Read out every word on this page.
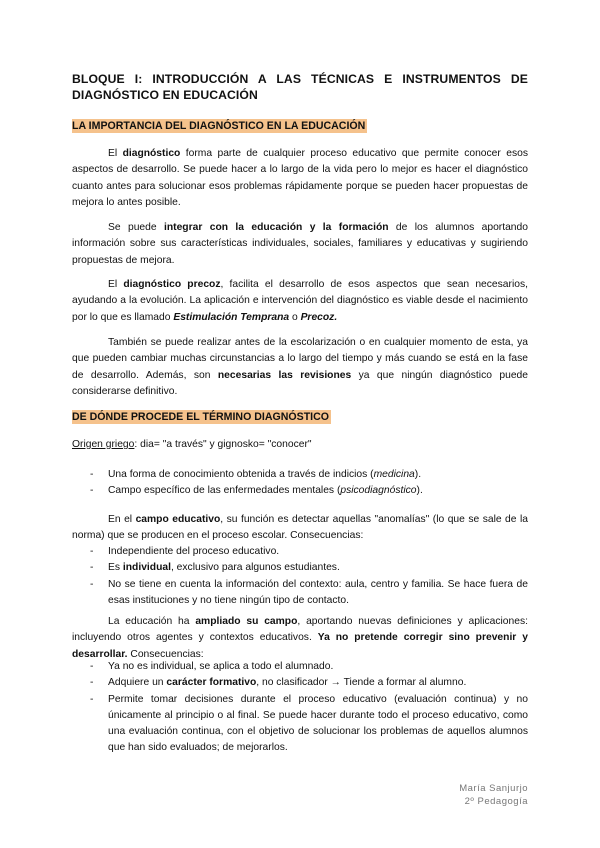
BLOQUE I: INTRODUCCIÓN A LAS TÉCNICAS E INSTRUMENTOS DE DIAGNÓSTICO EN EDUCACIÓN
LA IMPORTANCIA DEL DIAGNÓSTICO EN LA EDUCACIÓN
El diagnóstico forma parte de cualquier proceso educativo que permite conocer esos aspectos de desarrollo. Se puede hacer a lo largo de la vida pero lo mejor es hacer el diagnóstico cuanto antes para solucionar esos problemas rápidamente porque se pueden hacer propuestas de mejora lo antes posible.
Se puede integrar con la educación y la formación de los alumnos aportando información sobre sus características individuales, sociales, familiares y educativas y sugiriendo propuestas de mejora.
El diagnóstico precoz, facilita el desarrollo de esos aspectos que sean necesarios, ayudando a la evolución. La aplicación e intervención del diagnóstico es viable desde el nacimiento por lo que es llamado Estimulación Temprana o Precoz.
También se puede realizar antes de la escolarización o en cualquier momento de esta, ya que pueden cambiar muchas circunstancias a lo largo del tiempo y más cuando se está en la fase de desarrollo. Además, son necesarias las revisiones ya que ningún diagnóstico puede considerarse definitivo.
DE DÓNDE PROCEDE EL TÉRMINO DIAGNÓSTICO
Origen griego: dia= "a través" y gignosko= "conocer"
- Una forma de conocimiento obtenida a través de indicios (medicina).
- Campo específico de las enfermedades mentales (psicodiagnóstico).
En el campo educativo, su función es detectar aquellas "anomalías" (lo que se sale de la norma) que se producen en el proceso escolar. Consecuencias:
- Independiente del proceso educativo.
- Es individual, exclusivo para algunos estudiantes.
- No se tiene en cuenta la información del contexto: aula, centro y familia. Se hace fuera de esas instituciones y no tiene ningún tipo de contacto.
La educación ha ampliado su campo, aportando nuevas definiciones y aplicaciones: incluyendo otros agentes y contextos educativos. Ya no pretende corregir sino prevenir y desarrollar. Consecuencias:
- Ya no es individual, se aplica a todo el alumnado.
- Adquiere un carácter formativo, no clasificador → Tiende a formar al alumno.
- Permite tomar decisiones durante el proceso educativo (evaluación continua) y no únicamente al principio o al final. Se puede hacer durante todo el proceso educativo, como una evaluación continua, con el objetivo de solucionar los problemas de aquellos alumnos que han sido evaluados; de mejorarlos.
María Sanjurjo
2º Pedagogía
